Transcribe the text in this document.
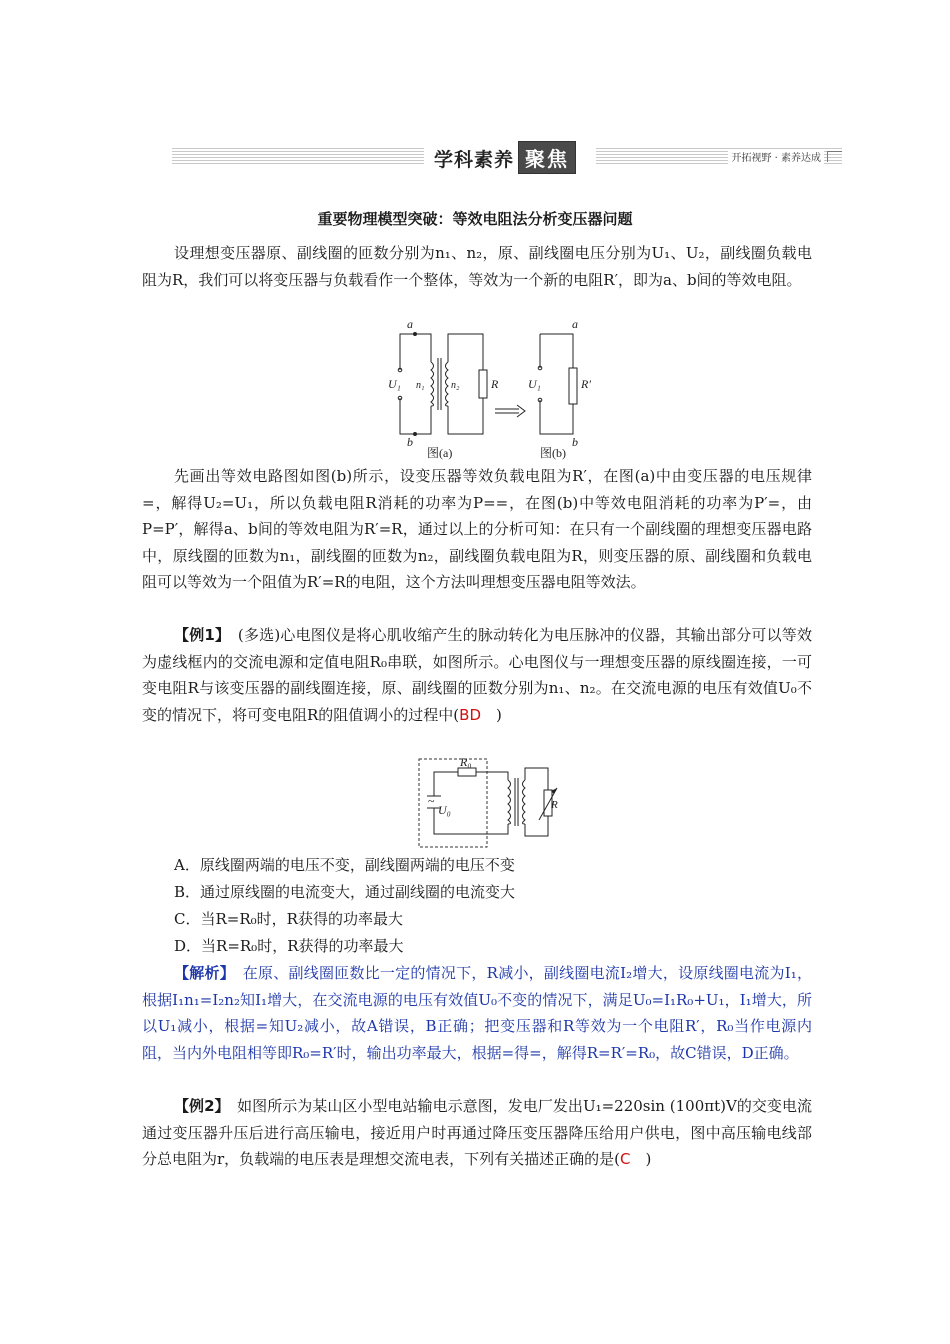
学科素养 聚焦	开拓视野 · 素养达成
重要物理模型突破：等效电阻法分析变压器问题
设理想变压器原、副线圈的匝数分别为n₁、n₂，原、副线圈电压分别为U₁、U₂，副线圈负载电阻为R，我们可以将变压器与负载看作一个整体，等效为一个新的电阻R′，即为a、b间的等效电阻。
a
b
U₁ n₁	n₂	R
a
b
U₁	R′
图(a)	图(b)
先画出等效电路图如图(b)所示，设变压器等效负载电阻为R′，在图(a)中由变压器的电压规律=，解得U₂=U₁，所以负载电阻R消耗的功率为P==，在图(b)中等效电阻消耗的功率为P′=，由P=P′，解得a、b间的等效电阻为R′=R，通过以上的分析可知：在只有一个副线圈的理想变压器电路中，原线圈的匝数为n₁，副线圈的匝数为n₂，副线圈负载电阻为R，则变压器的原、副线圈和负载电阻可以等效为一个阻值为R′=R的电阻，这个方法叫理想变压器电阻等效法。
【例1】　(多选)心电图仪是将心肌收缩产生的脉动转化为电压脉冲的仪器，其输出部分可以等效为虚线框内的交流电源和定值电阻R₀串联，如图所示。心电图仪与一理想变压器的原线圈连接，一可变电阻R与该变压器的副线圈连接，原、副线圈的匝数分别为n₁、n₂。在交流电源的电压有效值U₀不变的情况下，将可变电阻R的阻值调小的过程中(BD　)
R₀
~
U₀	R
A．原线圈两端的电压不变，副线圈两端的电压不变
B．通过原线圈的电流变大，通过副线圈的电流变大
C．当R=R₀时，R获得的功率最大
D．当R=R₀时，R获得的功率最大
【解析】　在原、副线圈匝数比一定的情况下，R减小，副线圈电流I₂增大，设原线圈电流为I₁，根据I₁n₁=I₂n₂知I₁增大，在交流电源的电压有效值U₀不变的情况下，满足U₀=I₁R₀+U₁，I₁增大，所以U₁减小，根据=知U₂减小，故A错误，B正确；把变压器和R等效为一个电阻R′，R₀当作电源内阻，当内外电阻相等即R₀=R′时，输出功率最大，根据=得=，解得R=R′=R₀，故C错误，D正确。
【例2】　如图所示为某山区小型电站输电示意图，发电厂发出U₁=220sin (100πt)V的交变电流通过变压器升压后进行高压输电，接近用户时再通过降压变压器降压给用户供电，图中高压输电线部分总电阻为r，负载端的电压表是理想交流电表，下列有关描述正确的是(C　)
